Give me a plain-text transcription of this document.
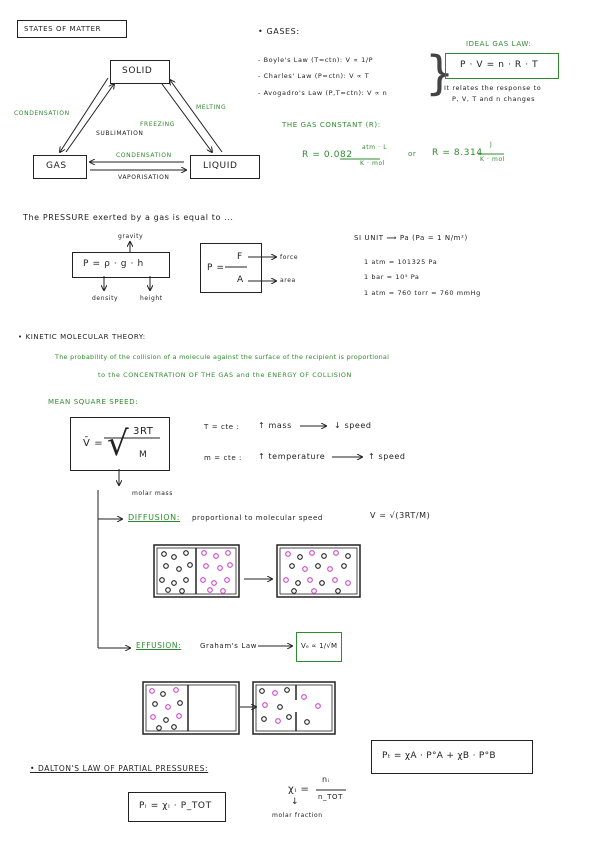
STATES OF MATTER
SOLID
GAS	LIQUID
CONDENSATION
FREEZING
SUBLIMATION
MELTING
CONDENSATION
VAPORISATION
• GASES:
- Boyle's Law (T=ctn): V ∝ 1/P
- Charles' Law (P=ctn): V ∝ T
- Avogadro's Law (P,T=ctn): V ∝ n }
IDEAL GAS LAW:
P · V = n · R · T
It relates the response to
P, V, T and n changes
THE GAS CONSTANT (R):
R = 0.082
atm · L
K · mol
or R = 8.314
J
K · mol
The PRESSURE exerted by a gas is equal to ...
gravity
P = ρ · g · h
density	height
P =
F
A
force
area
SI UNIT ⟹ Pa (Pa = 1 N/m²)
1 atm = 101325 Pa
1 bar = 10⁵ Pa
1 atm = 760 torr = 760 mmHg
• KINETIC MOLECULAR THEORY:
The probability of the collision of a molecule against the surface of the recipient is proportional
to the CONCENTRATION OF THE GAS and the ENERGY OF COLLISION
MEAN SQUARE SPEED:
V̄ = √ 3RT
M
molar mass
T = cte : ↑ mass	↓ speed
m = cte : ↑ temperature	↑ speed
DIFFUSION: proportional to molecular speed	V = √(3RT/M)
EFFUSION:	Graham's Law	Vₑ ∝ 1/√M
• DALTON'S LAW OF PARTIAL PRESSURES:
Pᵢ = χᵢ · P_TOT
χᵢ =
nᵢ
n_TOT
↓
molar fraction
Pₜ = χA · P°A + χB · P°B
